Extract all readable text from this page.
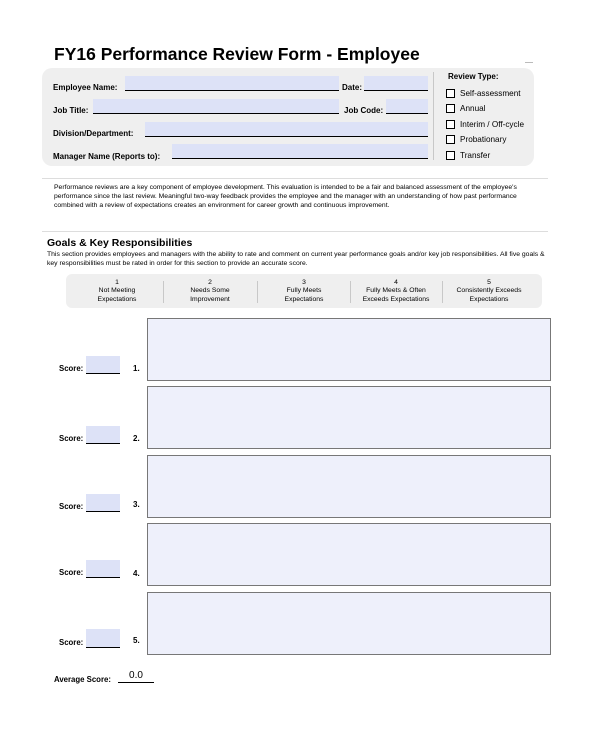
FY16 Performance Review Form - Employee
Employee Name:	Date:
Job Title:	Job Code:
Division/Department:
Manager Name (Reports to):
Review Type:
Self-assessment
Annual
Interim / Off-cycle
Probationary
Transfer
Performance reviews are a key component of employee development. This evaluation is intended to be a fair and balanced assessment of the employee's performance since the last review. Meaningful two-way feedback provides the employee and the manager with an understanding of how past performance combined with a review of expectations creates an environment for career growth and continuous improvement.
Goals & Key Responsibilities
This section provides employees and managers with the ability to rate and comment on current year performance goals and/or key job responsibilities. All five goals & key responsibilities must be rated in order for this section to provide an accurate score.
1
Not Meeting
Expectations
2
Needs Some
Improvement
3
Fully Meets
Expectations
4
Fully Meets & Often
Exceeds Expectations
5
Consistently Exceeds
Expectations
Score:	1.
Score:	2.
Score:	3.
Score:	4.
Score:	5.
Average Score:	0.0
